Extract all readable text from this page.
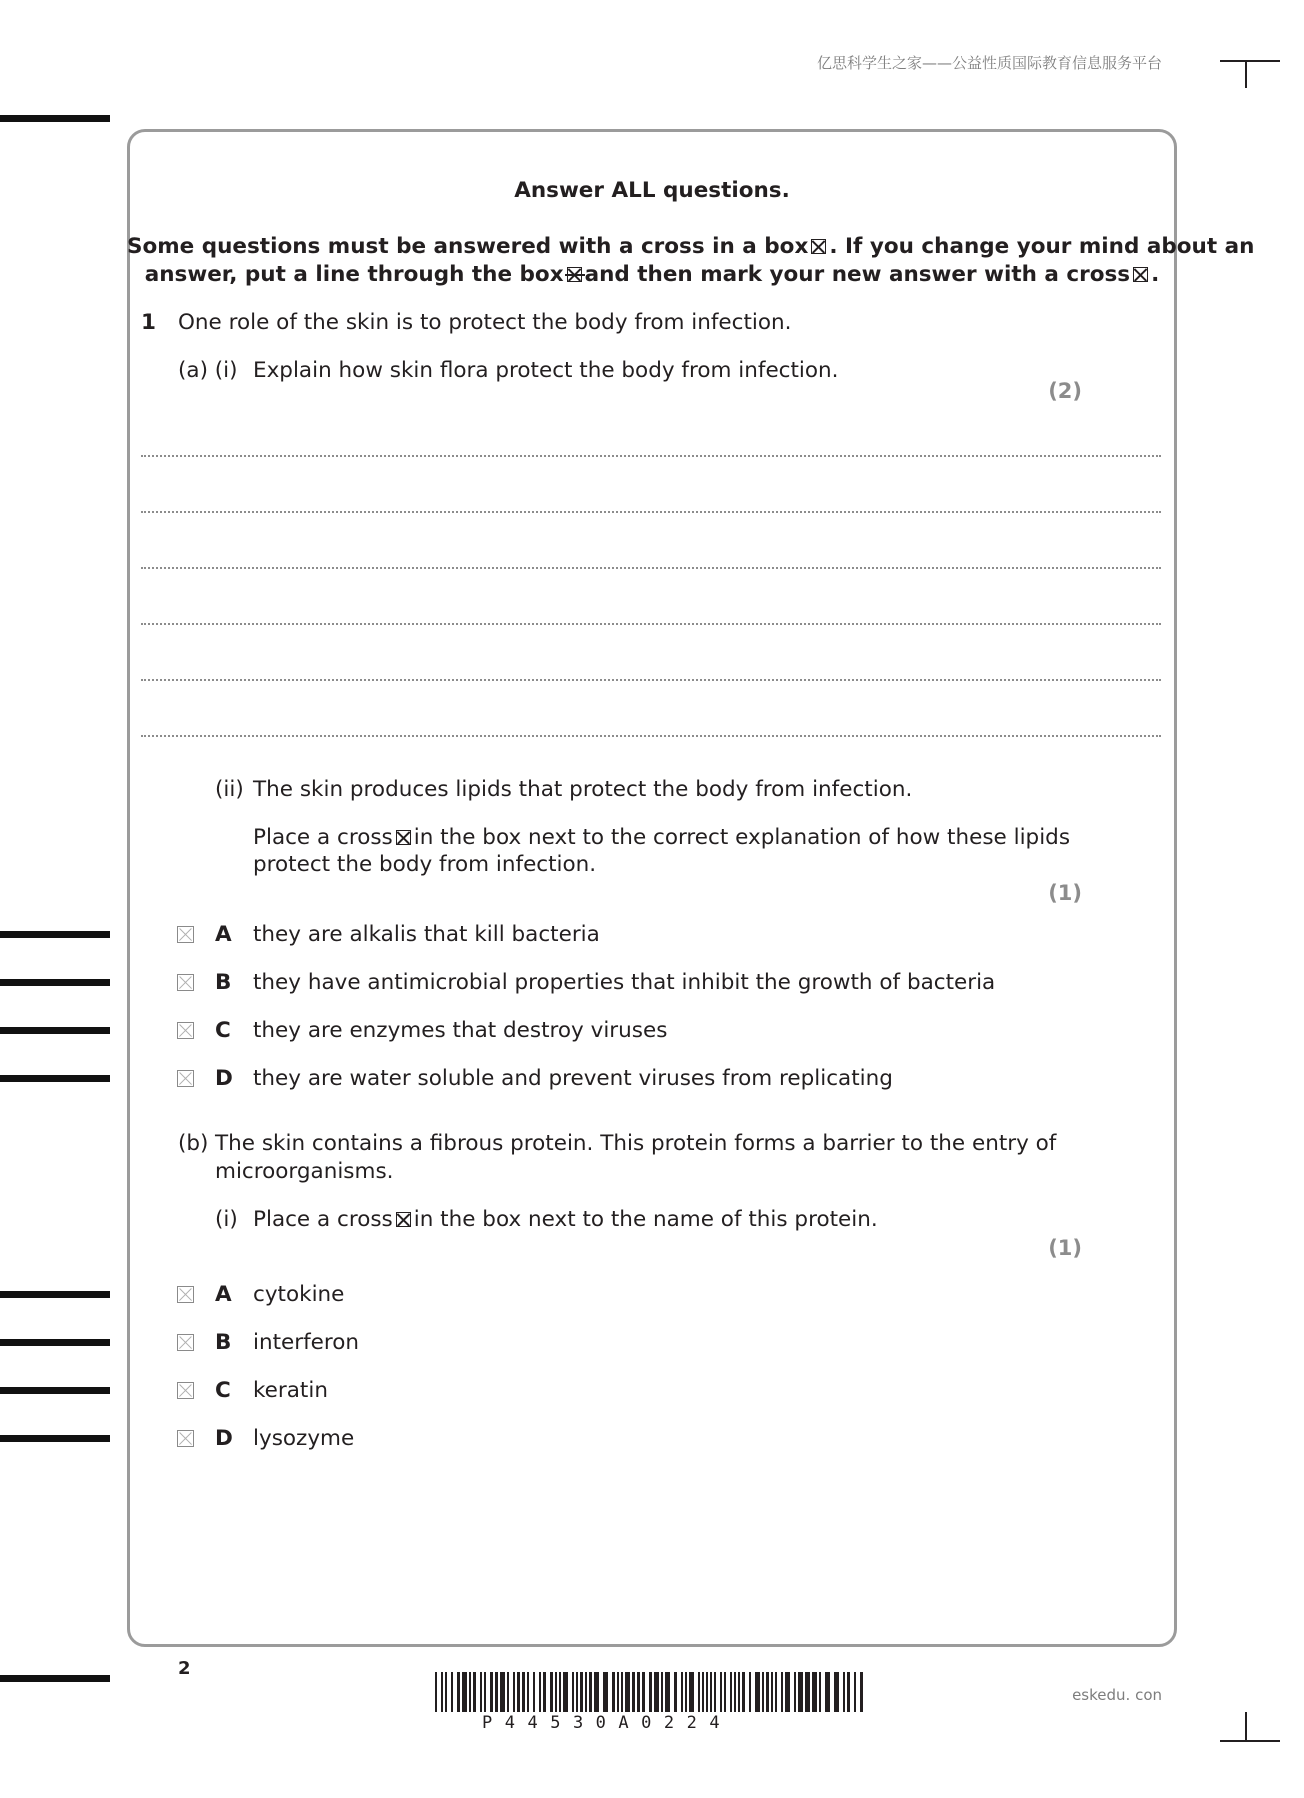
亿思科学生之家——公益性质国际教育信息服务平台
Answer ALL questions.
Some questions must be answered with a cross in a box ☒ . If you change your mind about an
answer, put a line through the box and then mark your new answer with a cross ☒ .
1 One role of the skin is to protect the body from infection.
(a) (i) Explain how skin flora protect the body from infection.
(2)
(ii) The skin produces lipids that protect the body from infection.
Place a cross ☒ in the box next to the correct explanation of how these lipids
protect the body from infection.
(1)
A they are alkalis that kill bacteria
B they have antimicrobial properties that inhibit the growth of bacteria
C they are enzymes that destroy viruses
D they are water soluble and prevent viruses from replicating
(b) The skin contains a fibrous protein. This protein forms a barrier to the entry of
microorganisms.
(i) Place a cross ☒ in the box next to the name of this protein.
(1)
A cytokine
B interferon
C keratin
D lysozyme
2
P44530A0224
eskedu. con
